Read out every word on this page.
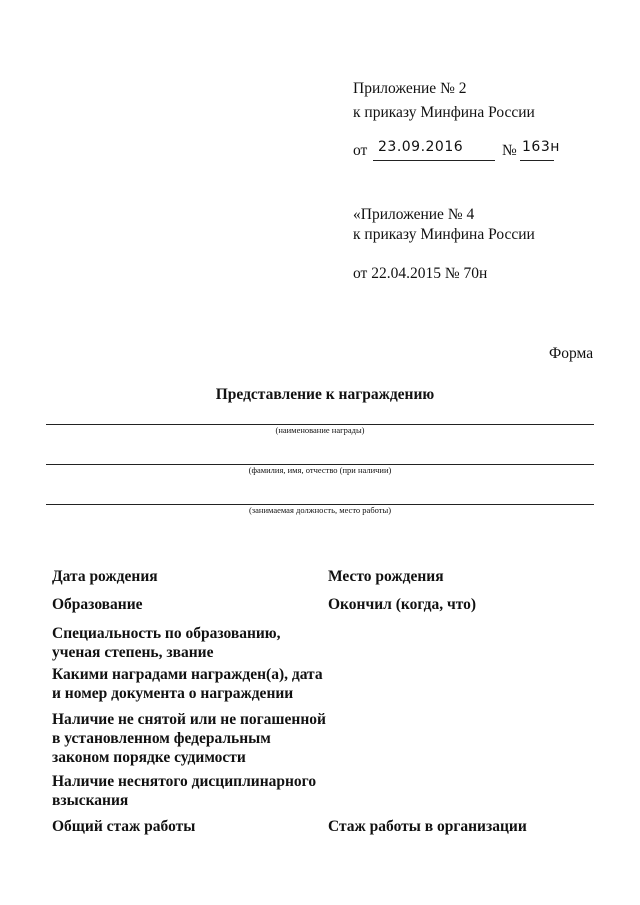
Приложение № 2
к приказу Минфина России
от 23.09.2016	№ 163н
«Приложение № 4
к приказу Минфина России
от 22.04.2015 № 70н
Форма
Представление к награждению
(наименование награды)
(фамилия, имя, отчество (при наличии)
(занимаемая должность, место работы)
Дата рождения	Место рождения
Образование	Окончил (когда, что)
Специальность по образованию,
ученая степень, звание
Какими наградами награжден(а), дата
и номер документа о награждении
Наличие не снятой или не погашенной
в установленном федеральным
законом порядке судимости
Наличие неснятого дисциплинарного
взыскания
Общий стаж работы	Стаж работы в организации
